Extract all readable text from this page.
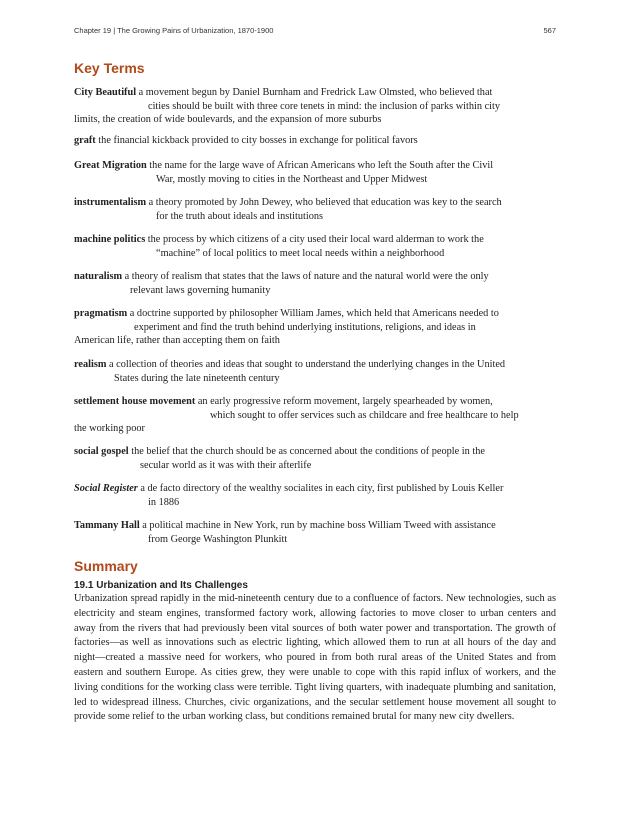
Chapter 19 | The Growing Pains of Urbanization, 1870-1900	567
Key Terms
City Beautiful a movement begun by Daniel Burnham and Fredrick Law Olmsted, who believed that
cities should be built with three core tenets in mind: the inclusion of parks within city
limits, the creation of wide boulevards, and the expansion of more suburbs
graft the financial kickback provided to city bosses in exchange for political favors
Great Migration the name for the large wave of African Americans who left the South after the Civil
War, mostly moving to cities in the Northeast and Upper Midwest
instrumentalism a theory promoted by John Dewey, who believed that education was key to the search
for the truth about ideals and institutions
machine politics the process by which citizens of a city used their local ward alderman to work the
“machine” of local politics to meet local needs within a neighborhood
naturalism a theory of realism that states that the laws of nature and the natural world were the only
relevant laws governing humanity
pragmatism a doctrine supported by philosopher William James, which held that Americans needed to
experiment and find the truth behind underlying institutions, religions, and ideas in
American life, rather than accepting them on faith
realism a collection of theories and ideas that sought to understand the underlying changes in the United
States during the late nineteenth century
settlement house movement an early progressive reform movement, largely spearheaded by women,
which sought to offer services such as childcare and free healthcare to help
the working poor
social gospel the belief that the church should be as concerned about the conditions of people in the
secular world as it was with their afterlife
Social Register a de facto directory of the wealthy socialites in each city, first published by Louis Keller
in 1886
Tammany Hall a political machine in New York, run by machine boss William Tweed with assistance
from George Washington Plunkitt
Summary
19.1 Urbanization and Its Challenges

Urbanization spread rapidly in the mid-nineteenth century due to a confluence of factors. New technologies, such as electricity and steam engines, transformed factory work, allowing factories to move closer to urban centers and away from the rivers that had previously been vital sources of both water power and transportation. The growth of factories—as well as innovations such as electric lighting, which allowed them to run at all hours of the day and night—created a massive need for workers, who poured in from both rural areas of the United States and from eastern and southern Europe. As cities grew, they were unable to cope with this rapid influx of workers, and the living conditions for the working class were terrible. Tight living quarters, with inadequate plumbing and sanitation, led to widespread illness. Churches, civic organizations, and the secular settlement house movement all sought to provide some relief to the urban working class, but conditions remained brutal for many new city dwellers.
